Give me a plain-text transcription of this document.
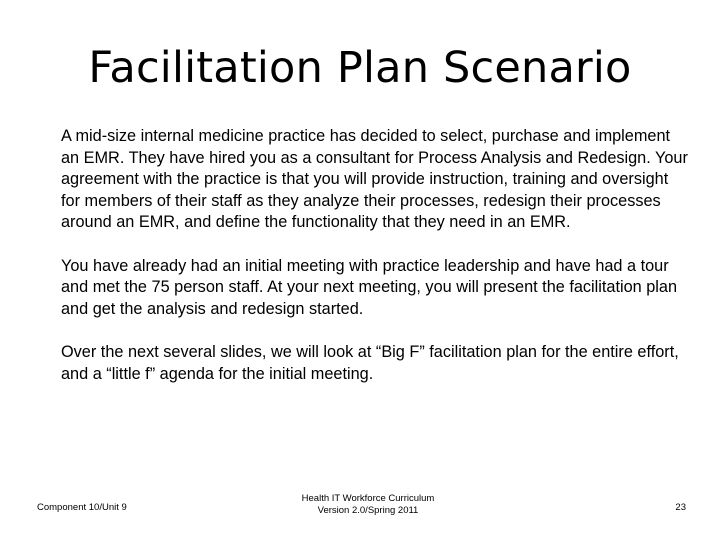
Facilitation Plan Scenario

A mid-size internal medicine practice has decided to select, purchase and implement an EMR. They have hired you as a consultant for Process Analysis and Redesign. Your agreement with the practice is that you will provide instruction, training and oversight for members of their staff as they analyze their processes, redesign their processes around an EMR, and define the functionality that they need in an EMR.

You have already had an initial meeting with practice leadership and have had a tour and met the 75 person staff. At your next meeting, you will present the facilitation plan and get the analysis and redesign started.

Over the next several slides, we will look at “Big F” facilitation plan for the entire effort, and a “little f” agenda for the initial meeting.

Component 10/Unit 9
Health IT Workforce Curriculum
Version 2.0/Spring 2011	23
